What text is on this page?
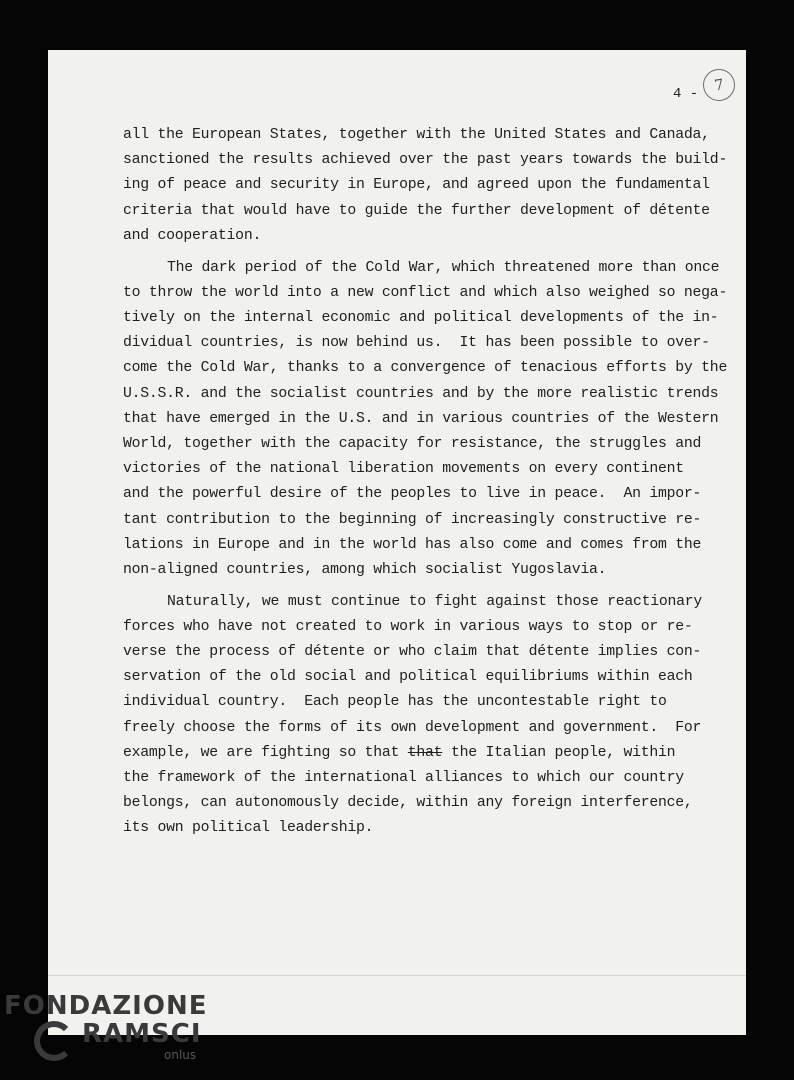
4 - 7
all the European States, together with the United States and Canada,
sanctioned the results achieved over the past years towards the build-
ing of peace and security in Europe, and agreed upon the fundamental
criteria that would have to guide the further development of détente
and cooperation.
The dark period of the Cold War, which threatened more than once
to throw the world into a new conflict and which also weighed so nega-
tively on the internal economic and political developments of the in-
dividual countries, is now behind us.  It has been possible to over-
come the Cold War, thanks to a convergence of tenacious efforts by the
U.S.S.R. and the socialist countries and by the more realistic trends
that have emerged in the U.S. and in various countries of the Western
World, together with the capacity for resistance, the struggles and
victories of the national liberation movements on every continent
and the powerful desire of the peoples to live in peace.  An impor-
tant contribution to the beginning of increasingly constructive re-
lations in Europe and in the world has also come and comes from the
non-aligned countries, among which socialist Yugoslavia.
Naturally, we must continue to fight against those reactionary
forces who have not created to work in various ways to stop or re-
verse the process of détente or who claim that détente implies con-
servation of the old social and political equilibriums within each
individual country.  Each people has the uncontestable right to
freely choose the forms of its own development and government.  For
example, we are fighting so that that the Italian people, within
the framework of the international alliances to which our country
belongs, can autonomously decide, within any foreign interference,
its own political leadership.
FONDAZIONE
RAMSCI
onlus
